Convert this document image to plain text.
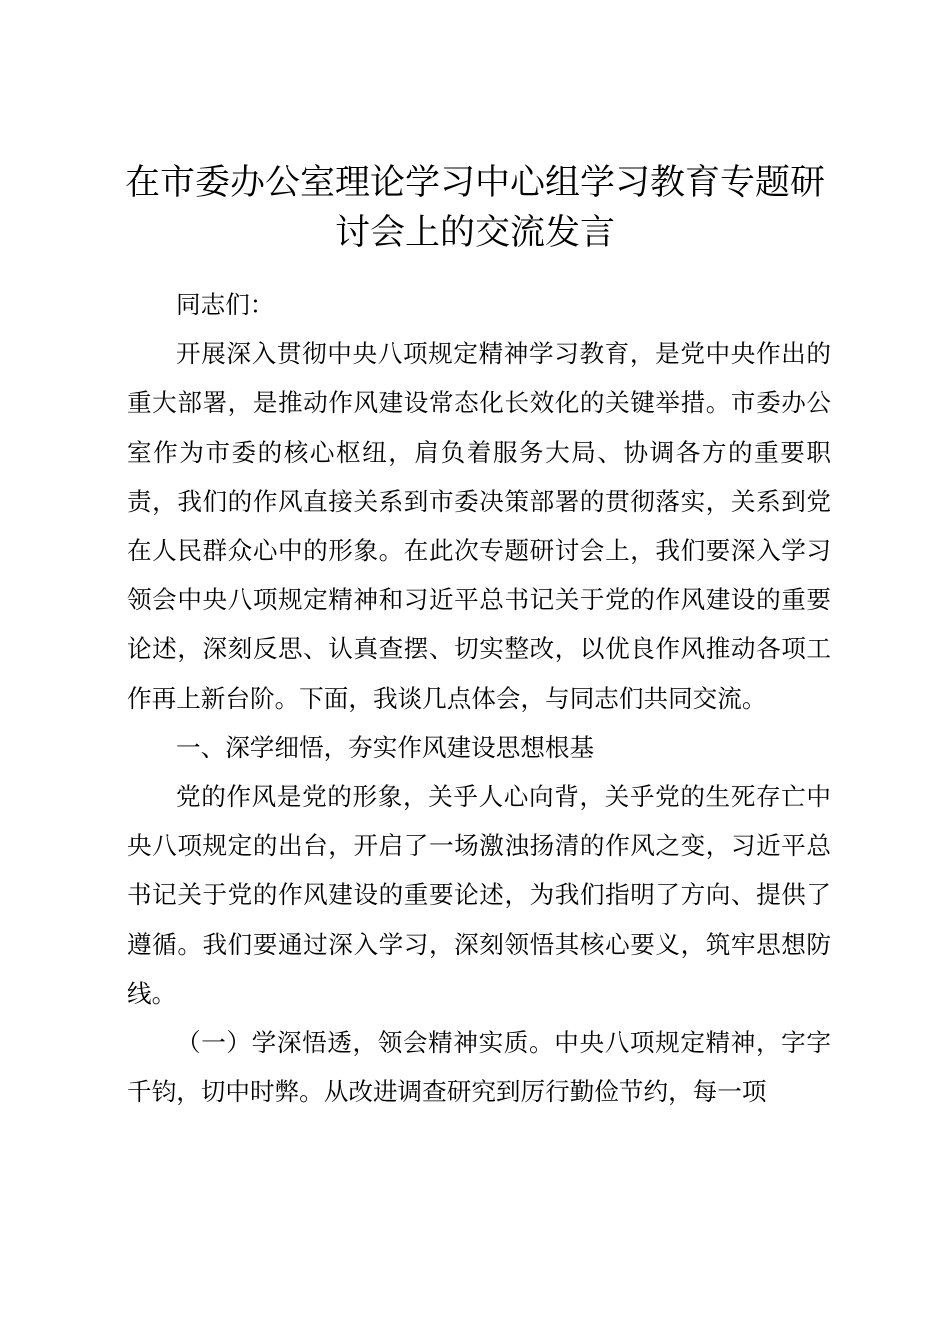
在市委办公室理论学习中心组学习教育专题研
讨会上的交流发言

同志们：

开展深入贯彻中央八项规定精神学习教育，是党中央作出的重大部署，是推动作风建设常态化长效化的关键举措。市委办公室作为市委的核心枢纽，肩负着服务大局、协调各方的重要职责，我们的作风直接关系到市委决策部署的贯彻落实，关系到党在人民群众心中的形象。在此次专题研讨会上，我们要深入学习领会中央八项规定精神和习近平总书记关于党的作风建设的重要论述，深刻反思、认真查摆、切实整改，以优良作风推动各项工作再上新台阶。下面，我谈几点体会，与同志们共同交流。

一、深学细悟，夯实作风建设思想根基

党的作风是党的形象，关乎人心向背，关乎党的生死存亡中央八项规定的出台，开启了一场激浊扬清的作风之变，习近平总书记关于党的作风建设的重要论述，为我们指明了方向、提供了遵循。我们要通过深入学习，深刻领悟其核心要义，筑牢思想防线。

（一）学深悟透，领会精神实质。中央八项规定精神，字字千钧，切中时弊。从改进调查研究到厉行勤俭节约，每一项
